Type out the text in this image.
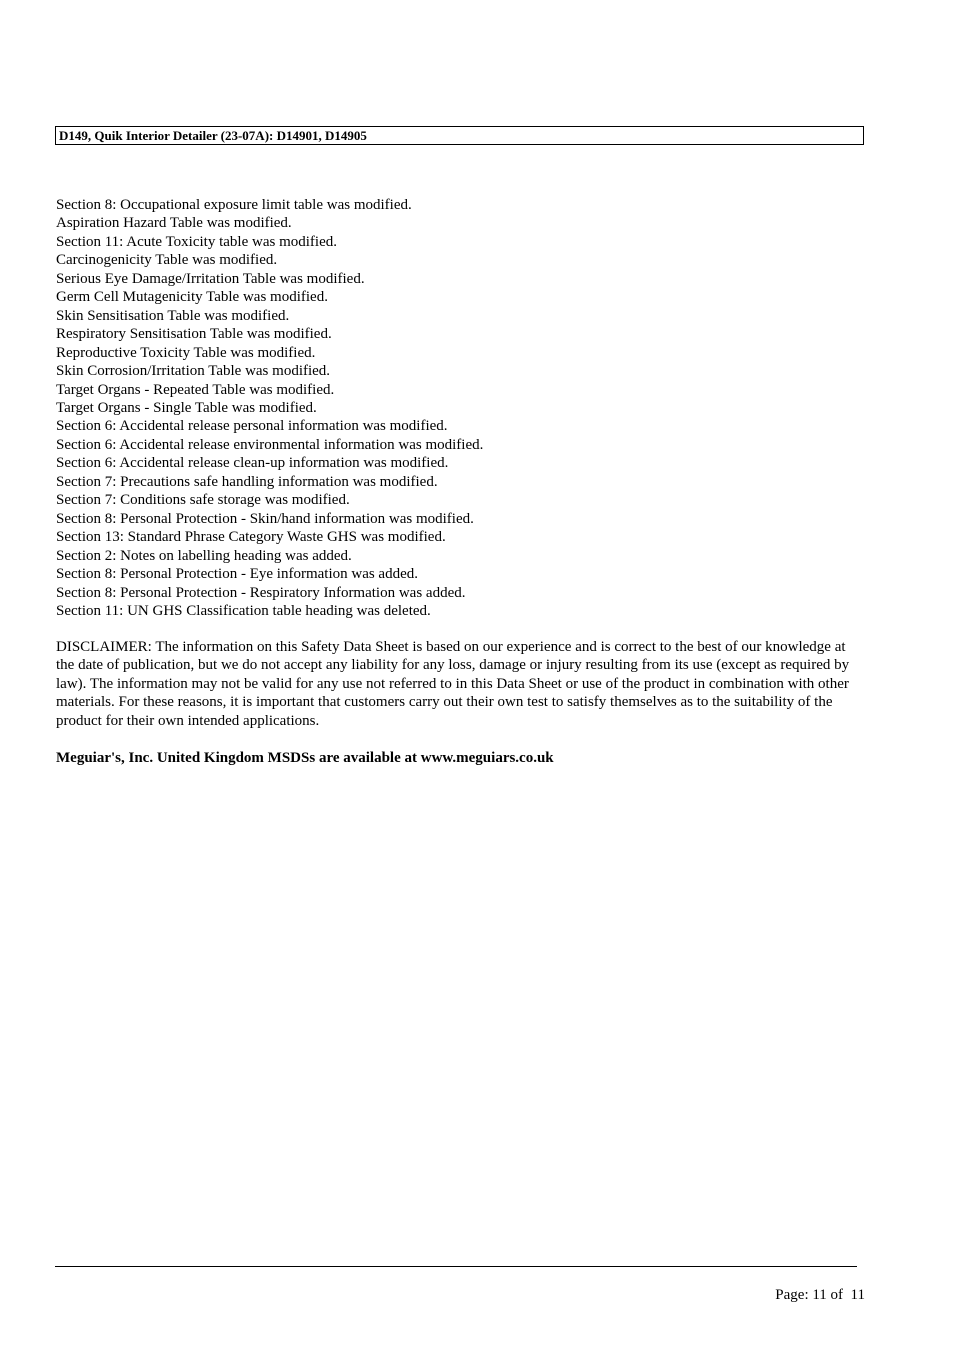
D149, Quik Interior Detailer (23-07A): D14901, D14905
Section 8: Occupational exposure limit table was modified.
Aspiration Hazard Table was modified.
Section 11: Acute Toxicity table was modified.
Carcinogenicity Table was modified.
Serious Eye Damage/Irritation Table was modified.
Germ Cell Mutagenicity Table was modified.
Skin Sensitisation Table was modified.
Respiratory Sensitisation Table was modified.
Reproductive Toxicity Table was modified.
Skin Corrosion/Irritation Table was modified.
Target Organs - Repeated Table was modified.
Target Organs - Single Table was modified.
Section 6: Accidental release personal information was modified.
Section 6: Accidental release environmental information was modified.
Section 6: Accidental release clean-up information was modified.
Section 7: Precautions safe handling information was modified.
Section 7: Conditions safe storage was modified.
Section 8: Personal Protection - Skin/hand information was modified.
Section 13: Standard Phrase Category Waste GHS was modified.
Section 2: Notes on labelling heading was added.
Section 8: Personal Protection - Eye information was added.
Section 8: Personal Protection - Respiratory Information was added.
Section 11: UN GHS Classification table heading was deleted.

DISCLAIMER: The information on this Safety Data Sheet is based on our experience and is correct to the best of our knowledge at the date of publication, but we do not accept any liability for any loss, damage or injury resulting from its use (except as required by law). The information may not be valid for any use not referred to in this Data Sheet or use of the product in combination with other materials. For these reasons, it is important that customers carry out their own test to satisfy themselves as to the suitability of the product for their own intended applications.

Meguiar's, Inc. United Kingdom MSDSs are available at www.meguiars.co.uk

Page: 11 of  11
